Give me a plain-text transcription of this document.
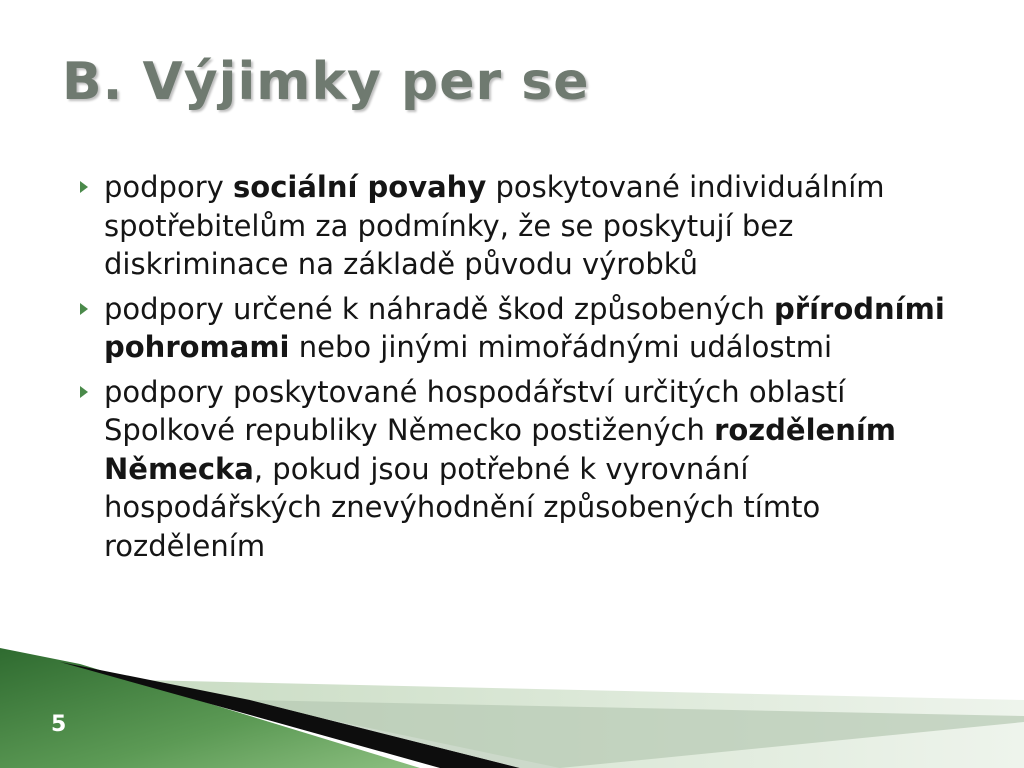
B. Výjimky per se
podpory sociální povahy poskytované individuálním spotřebitelům za podmínky, že se poskytují bez diskriminace na základě původu výrobků
podpory určené k náhradě škod způsobených přírodními pohromami nebo jinými mimořádnými událostmi
podpory poskytované hospodářství určitých oblastí Spolkové republiky Německo postižených rozdělením Německa, pokud jsou potřebné k vyrovnání hospodářských znevýhodnění způsobených tímto rozdělením
5
